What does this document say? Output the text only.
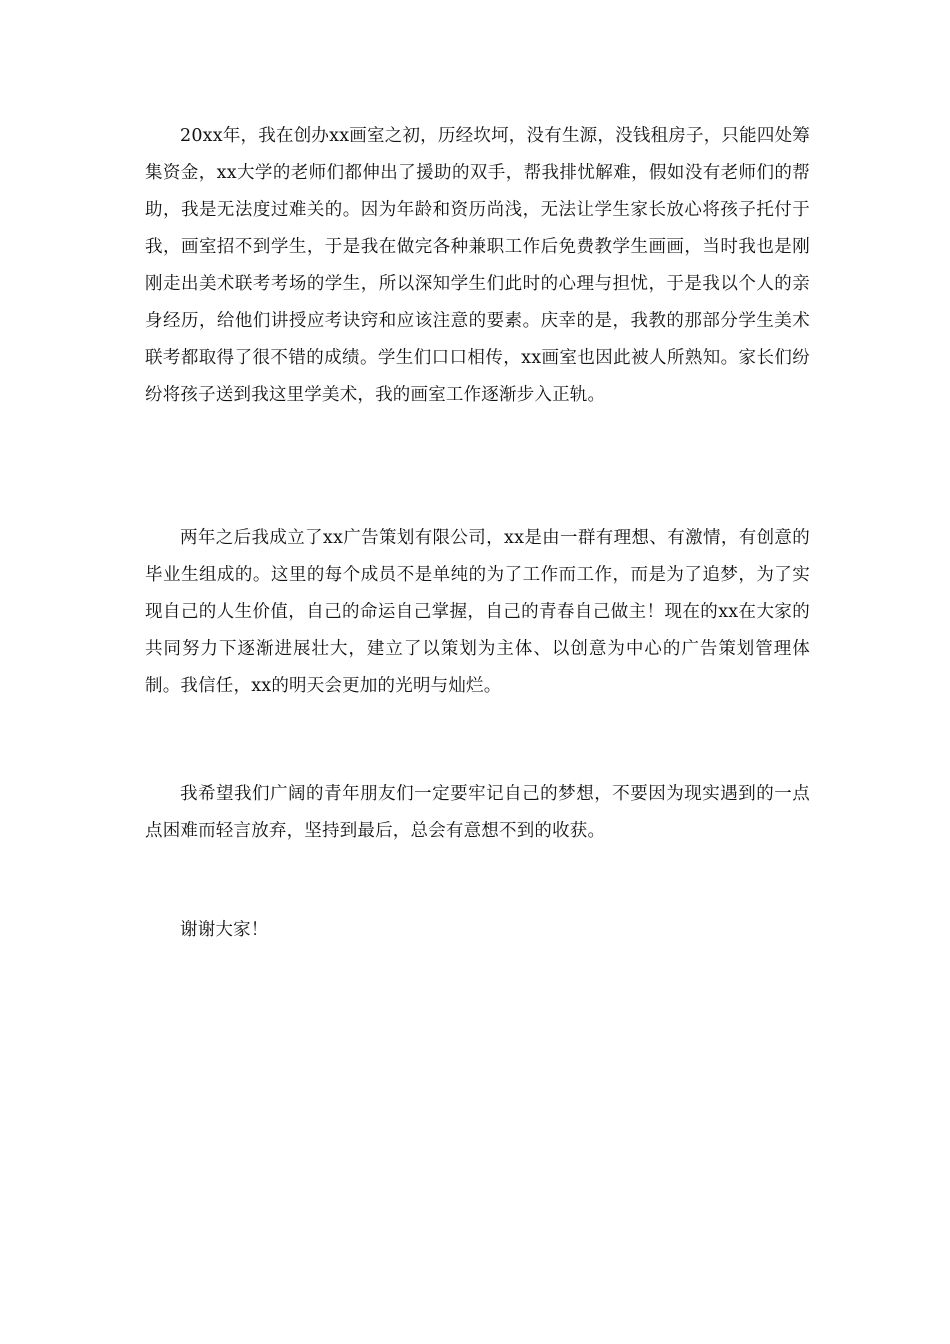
20xx年，我在创办xx画室之初，历经坎坷，没有生源，没钱租房子，只能四处筹集资金，xx大学的老师们都伸出了援助的双手，帮我排忧解难，假如没有老师们的帮助，我是无法度过难关的。因为年龄和资历尚浅，无法让学生家长放心将孩子托付于我，画室招不到学生，于是我在做完各种兼职工作后免费教学生画画，当时我也是刚刚走出美术联考考场的学生，所以深知学生们此时的心理与担忧，于是我以个人的亲身经历，给他们讲授应考诀窍和应该注意的要素。庆幸的是，我教的那部分学生美术联考都取得了很不错的成绩。学生们口口相传，xx画室也因此被人所熟知。家长们纷纷将孩子送到我这里学美术，我的画室工作逐渐步入正轨。

两年之后我成立了xx广告策划有限公司，xx是由一群有理想、有激情，有创意的毕业生组成的。这里的每个成员不是单纯的为了工作而工作，而是为了追梦，为了实现自己的人生价值，自己的命运自己掌握，自己的青春自己做主！现在的xx在大家的共同努力下逐渐进展壮大，建立了以策划为主体、以创意为中心的广告策划管理体制。我信任，xx的明天会更加的光明与灿烂。

我希望我们广阔的青年朋友们一定要牢记自己的梦想，不要因为现实遇到的一点点困难而轻言放弃，坚持到最后，总会有意想不到的收获。

谢谢大家！
